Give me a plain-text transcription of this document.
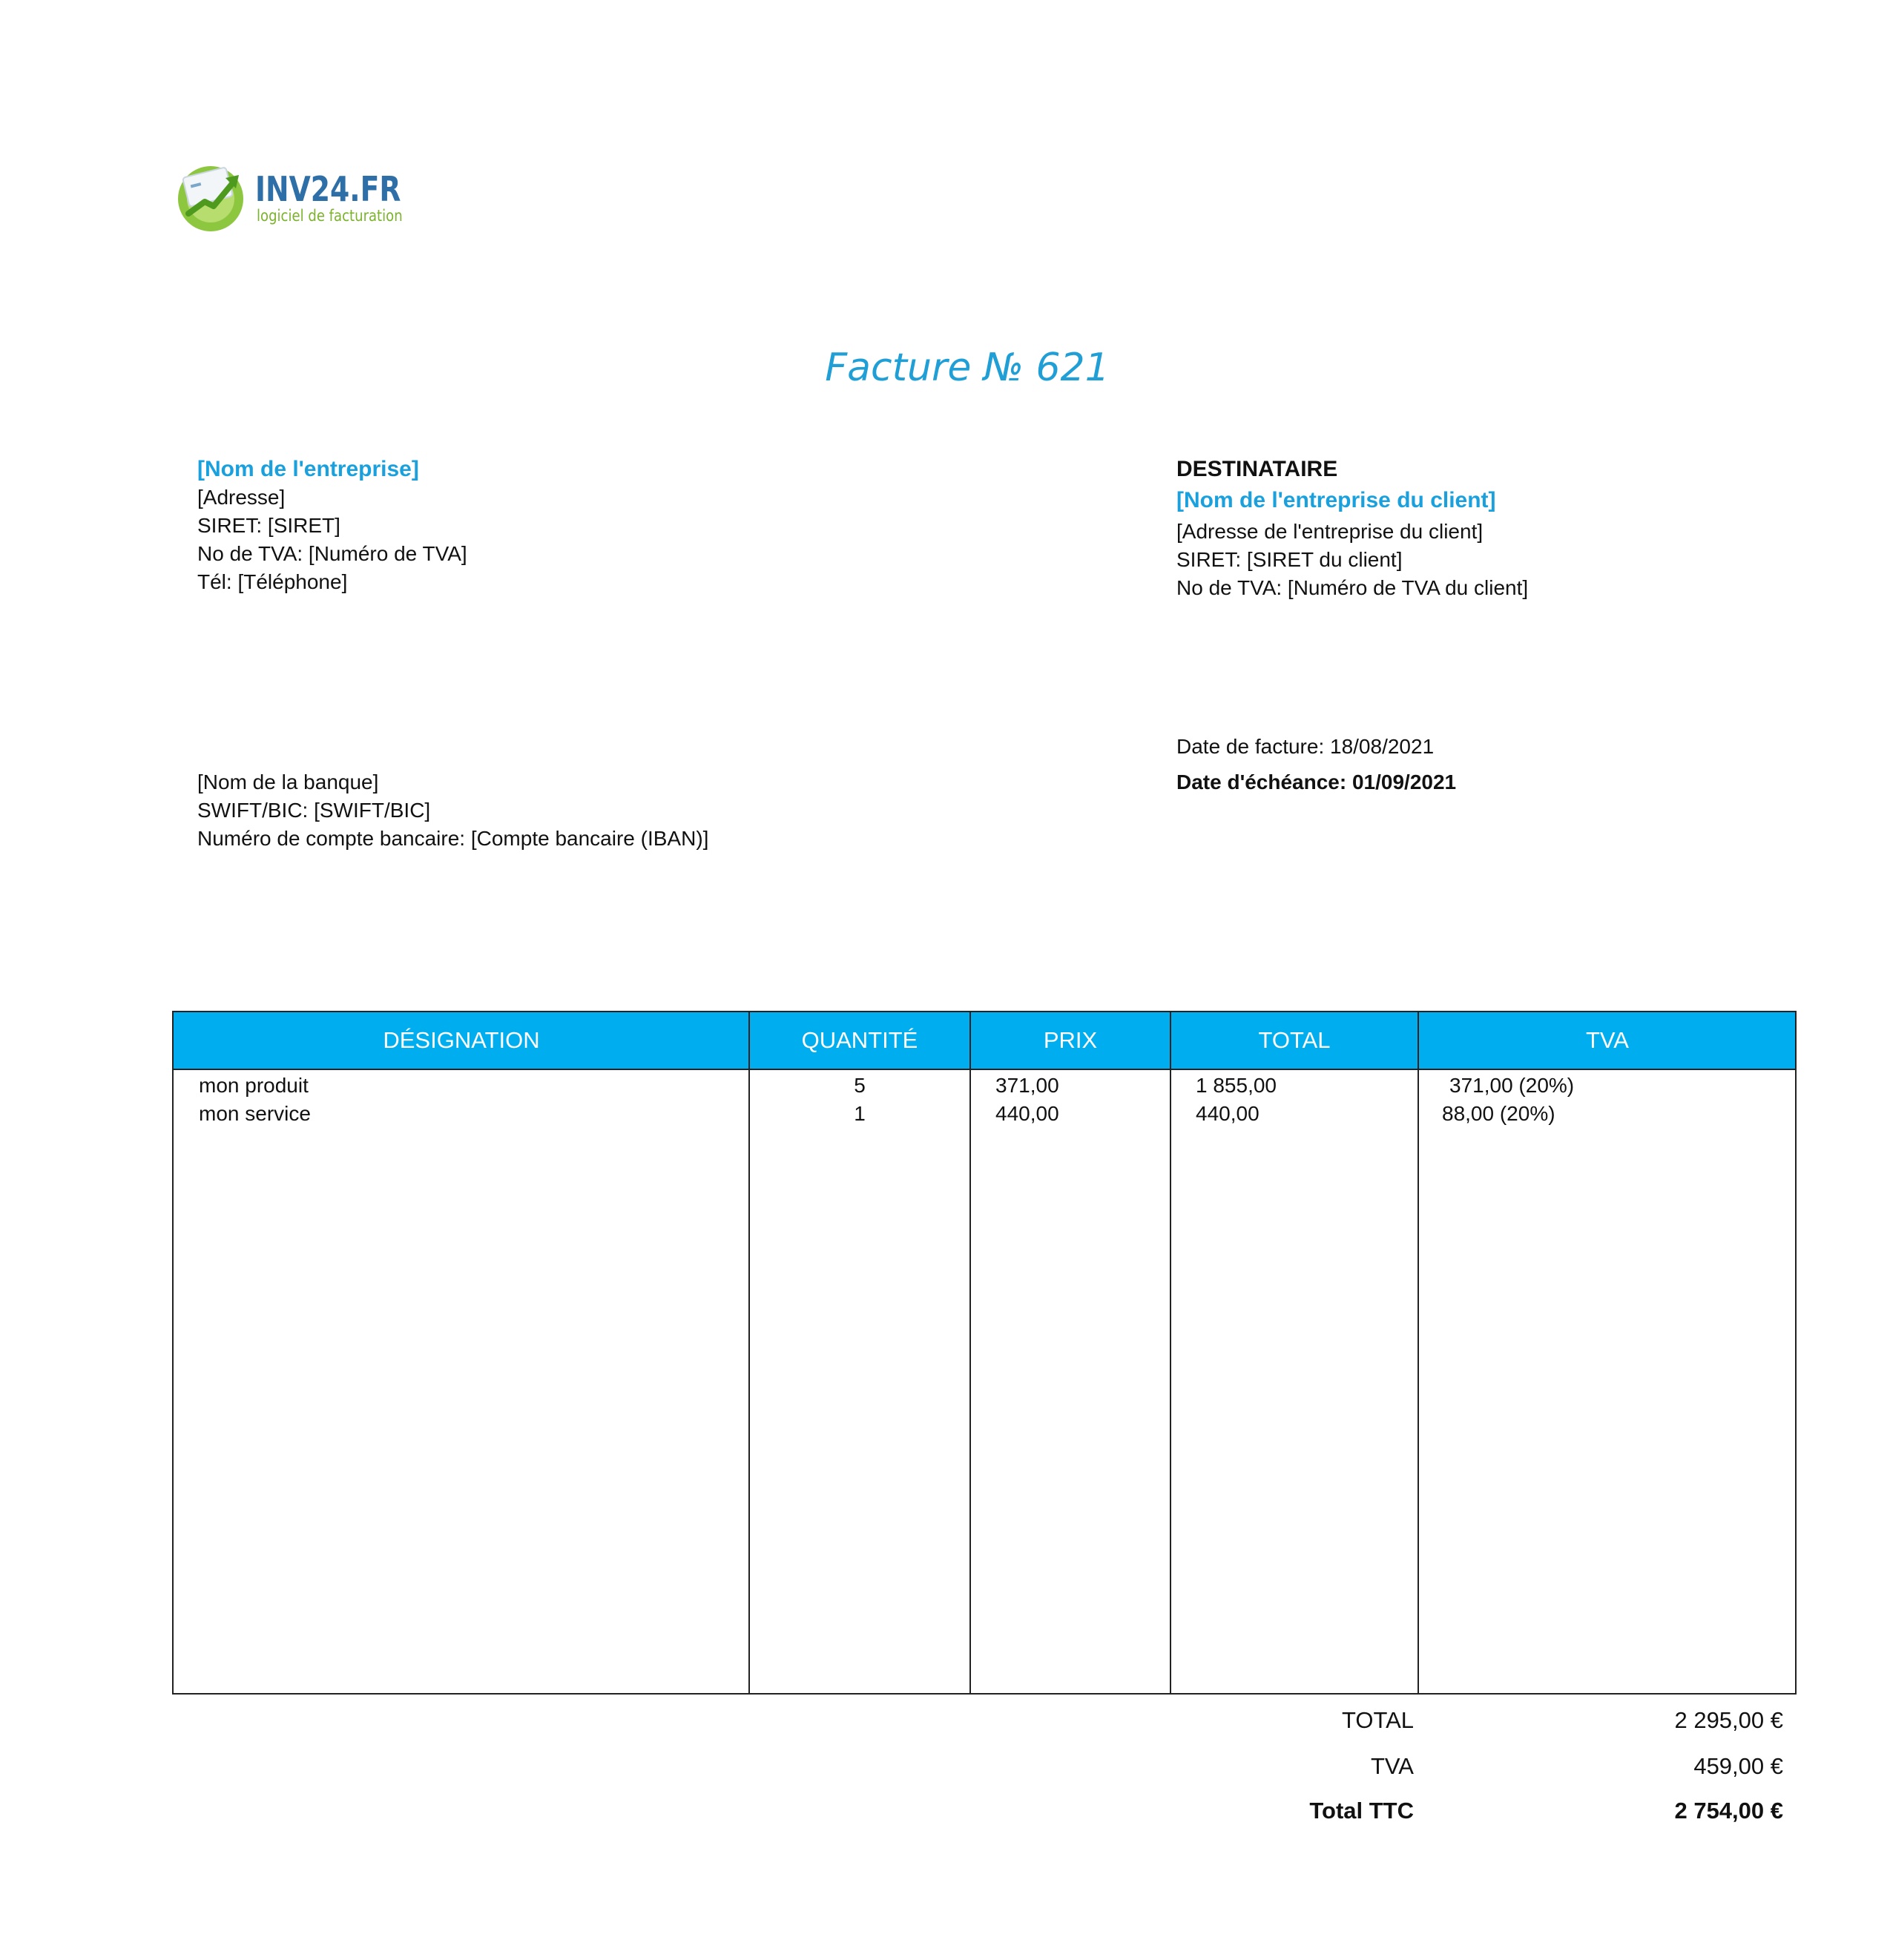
INV24.FR
logiciel de facturation
Facture № 621
[Nom de l'entreprise]
[Adresse]
SIRET: [SIRET]
No de TVA: [Numéro de TVA]
Tél: [Téléphone]
DESTINATAIRE
[Nom de l'entreprise du client]
[Adresse de l'entreprise du client]
SIRET: [SIRET du client]
No de TVA: [Numéro de TVA du client]
[Nom de la banque]
SWIFT/BIC: [SWIFT/BIC]
Numéro de compte bancaire: [Compte bancaire (IBAN)]
Date de facture: 18/08/2021
Date d'échéance: 01/09/2021
DÉSIGNATION	QUANTITÉ	PRIX	TOTAL	TVA
mon produit	5	371,00	1 855,00	371,00 (20%)
mon service	1	440,00	440,00	88,00 (20%)
TOTAL	2 295,00 €
TVA	459,00 €
Total TTC	2 754,00 €
